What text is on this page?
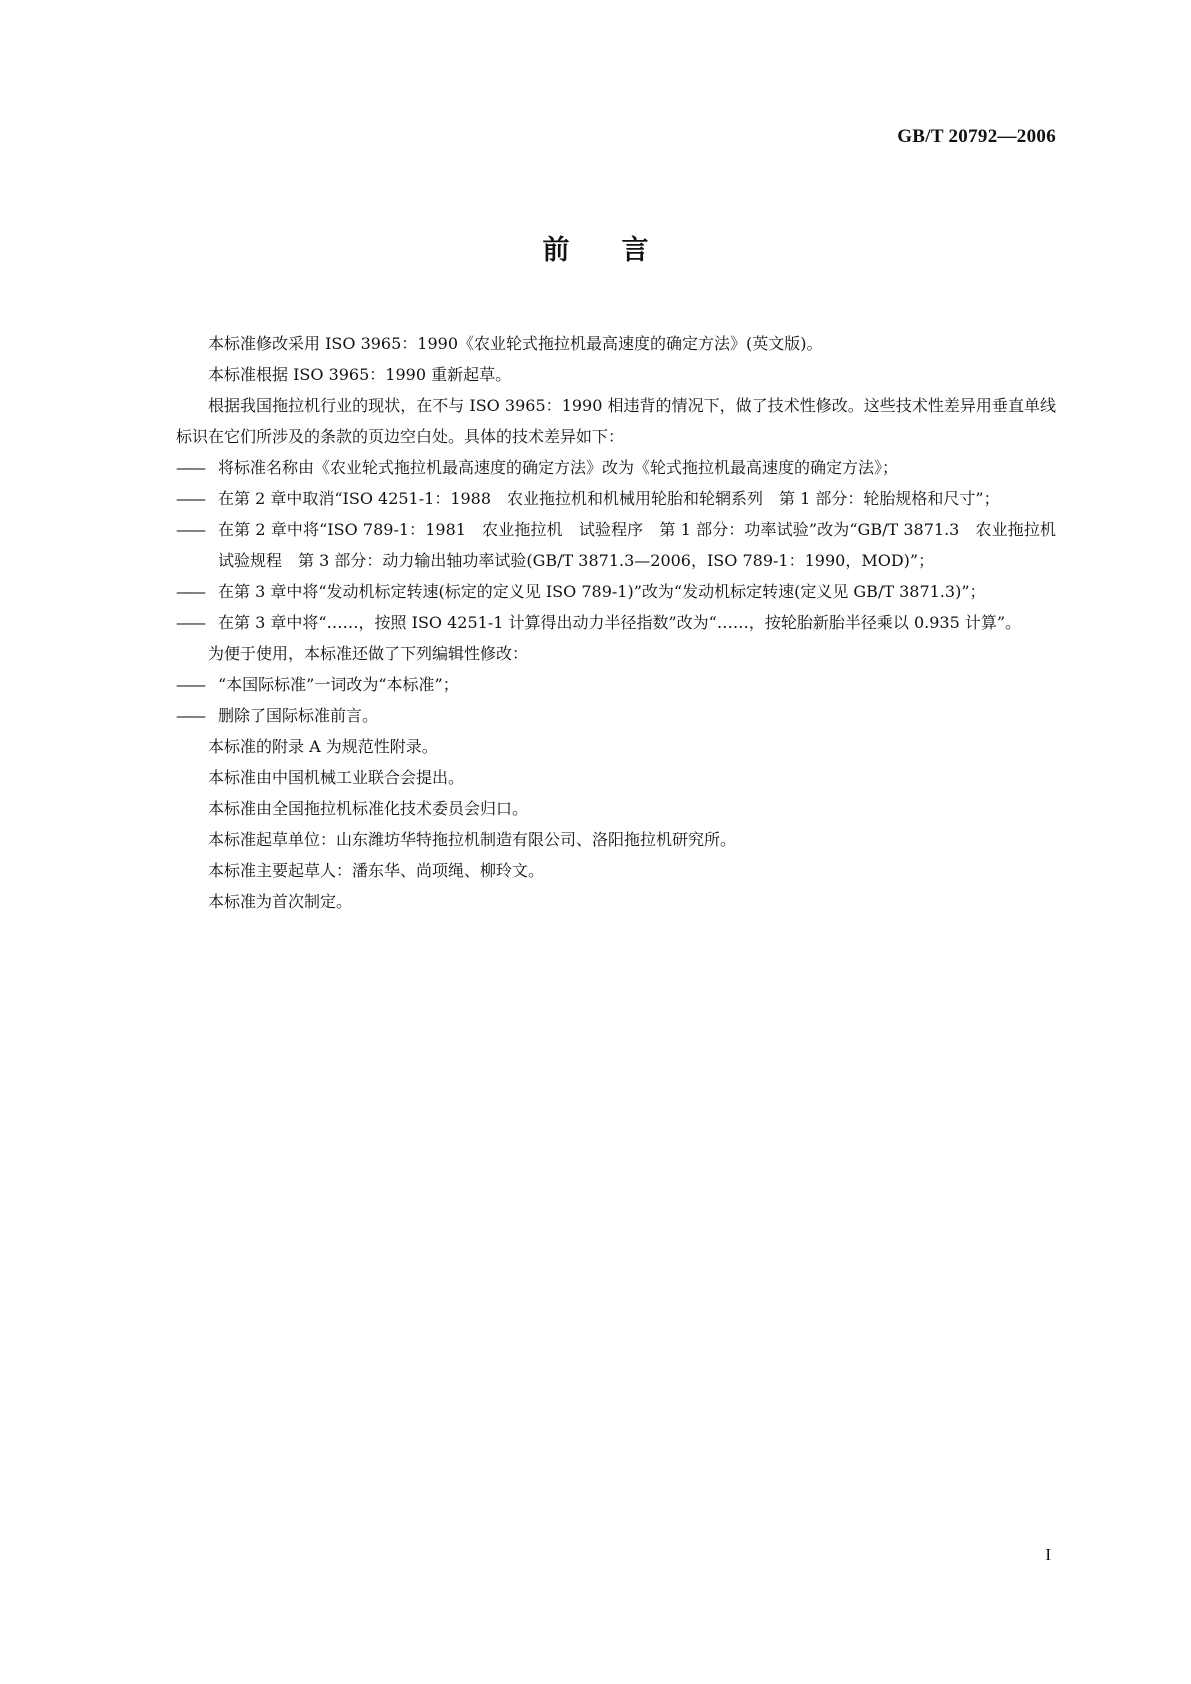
GB/T 20792—2006
前言

本标准修改采用 ISO 3965：1990《农业轮式拖拉机最高速度的确定方法》(英文版)。

本标准根据 ISO 3965：1990 重新起草。

根据我国拖拉机行业的现状，在不与 ISO 3965：1990 相违背的情况下，做了技术性修改。这些技术性差异用垂直单线标识在它们所涉及的条款的页边空白处。具体的技术差异如下：

—— 将标准名称由《农业轮式拖拉机最高速度的确定方法》改为《轮式拖拉机最高速度的确定方法》；
—— 在第 2 章中取消“ISO 4251-1：1988　农业拖拉机和机械用轮胎和轮辋系列　第 1 部分：轮胎规格和尺寸”；
—— 在第 2 章中将“ISO 789-1：1981　农业拖拉机　试验程序　第 1 部分：功率试验”改为“GB/T 3871.3　农业拖拉机　试验规程　第 3 部分：动力输出轴功率试验(GB/T 3871.3—2006，ISO 789-1：1990，MOD)”；
—— 在第 3 章中将“发动机标定转速(标定的定义见 ISO 789-1)”改为“发动机标定转速(定义见 GB/T 3871.3)”；
—— 在第 3 章中将“……，按照 ISO 4251-1 计算得出动力半径指数”改为“……，按轮胎新胎半径乘以 0.935 计算”。

为便于使用，本标准还做了下列编辑性修改：

—— “本国际标准”一词改为“本标准”；
—— 删除了国际标准前言。

本标准的附录 A 为规范性附录。

本标准由中国机械工业联合会提出。

本标准由全国拖拉机标准化技术委员会归口。

本标准起草单位：山东潍坊华特拖拉机制造有限公司、洛阳拖拉机研究所。

本标准主要起草人：潘东华、尚项绳、柳玲文。

本标准为首次制定。

I
